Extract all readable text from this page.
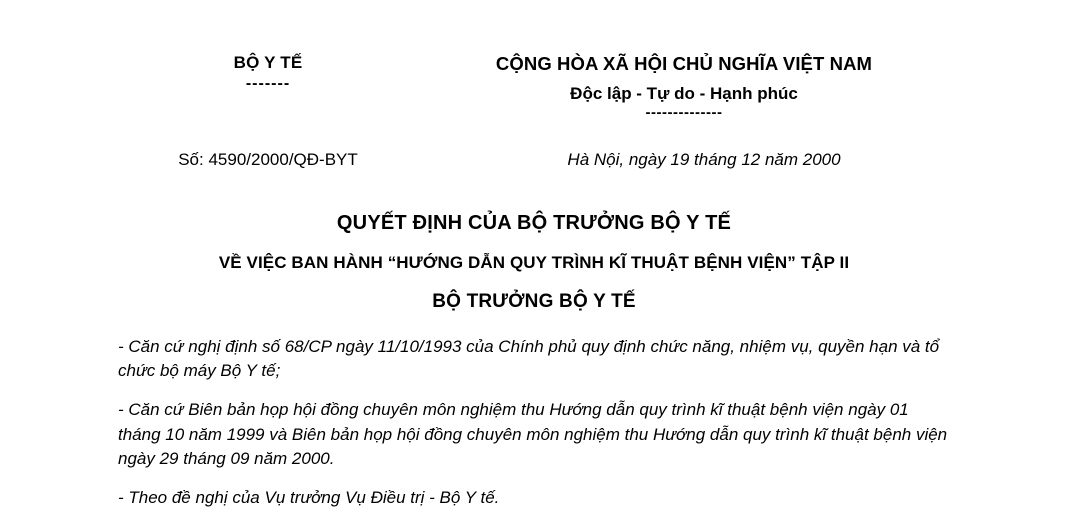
BỘ Y TẾ
-------
CỘNG HÒA XÃ HỘI CHỦ NGHĨA VIỆT NAM
Độc lập - Tự do - Hạnh phúc
--------------
Số: 4590/2000/QĐ-BYT	Hà Nội, ngày 19 tháng 12 năm 2000
QUYẾT ĐỊNH CỦA BỘ TRƯỞNG BỘ Y TẾ
VỀ VIỆC BAN HÀNH “HƯỚNG DẪN QUY TRÌNH KĨ THUẬT BỆNH VIỆN” TẬP II
BỘ TRƯỞNG BỘ Y TẾ

- Căn cứ nghị định số 68/CP ngày 11/10/1993 của Chính phủ quy định chức năng, nhiệm vụ, quyền hạn và tổ chức bộ máy Bộ Y tế;

- Căn cứ Biên bản họp hội đồng chuyên môn nghiệm thu Hướng dẫn quy trình kĩ thuật bệnh viện ngày 01 tháng 10 năm 1999 và Biên bản họp hội đồng chuyên môn nghiệm thu Hướng dẫn quy trình kĩ thuật bệnh viện ngày 29 tháng 09 năm 2000.

- Theo đề nghị của Vụ trưởng Vụ Điều trị - Bộ Y tế.
